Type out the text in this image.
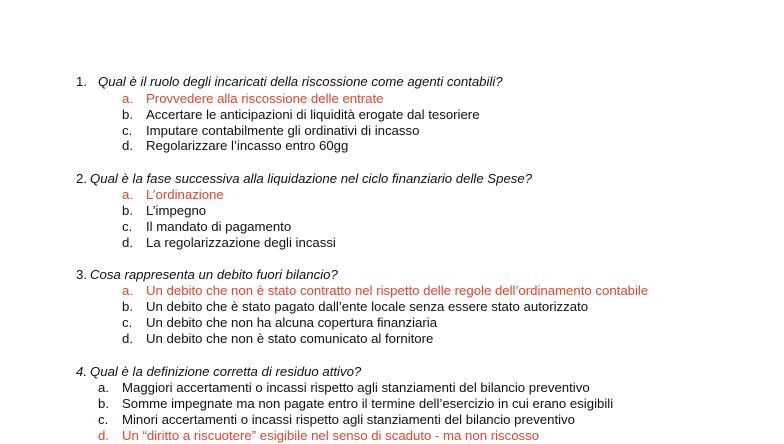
1. Qual è il ruolo degli incaricati della riscossione come agenti contabili?
a. Provvedere alla riscossione delle entrate
b. Accertare le anticipazioni di liquidità erogate dal tesoriere
c. Imputare contabilmente gli ordinativi di incasso
d. Regolarizzare l’incasso entro 60gg
2. Qual è la fase successiva alla liquidazione nel ciclo finanziario delle Spese?
a. L’ordinazione
b. L’impegno
c. Il mandato di pagamento
d. La regolarizzazione degli incassi
3. Cosa rappresenta un debito fuori bilancio?
a. Un debito che non è stato contratto nel rispetto delle regole dell’ordinamento contabile
b. Un debito che è stato pagato dall’ente locale senza essere stato autorizzato
c. Un debito che non ha alcuna copertura finanziaria
d. Un debito che non è stato comunicato al fornitore
4. Qual è la definizione corretta di residuo attivo?
a. Maggiori accertamenti o incassi rispetto agli stanziamenti del bilancio preventivo
b. Somme impegnate ma non pagate entro il termine dell’esercizio in cui erano esigibili
c. Minori accertamenti o incassi rispetto agli stanziamenti del bilancio preventivo
d. Un “diritto a riscuotere” esigibile nel senso di scaduto - ma non riscosso
